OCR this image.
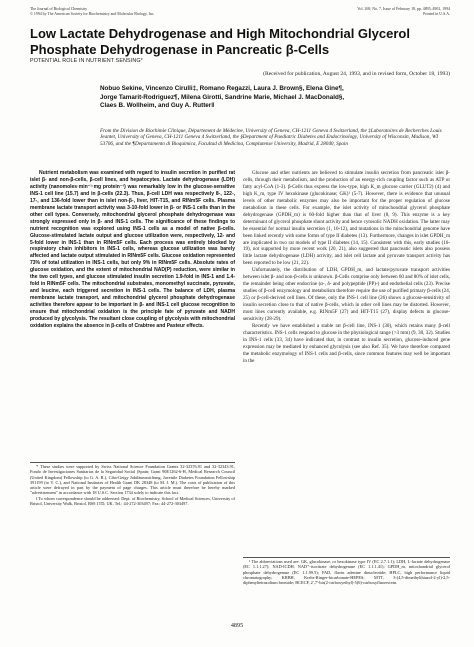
The Journal of Biological Chemistry
© 1994 by The American Society for Biochemistry and Molecular Biology, Inc.
Vol. 269, No. 7, Issue of February 18, pp. 4895–4902, 1994
Printed in U.S.A.
Low Lactate Dehydrogenase and High Mitochondrial Glycerol Phosphate Dehydrogenase in Pancreatic β-Cells
POTENTIAL ROLE IN NUTRIENT SENSING*
(Received for publication, August 24, 1993, and in revised form, October 18, 1993)
Nobuo Sekine, Vincenzo Cirulli‡, Romano Regazzi, Laura J. Brown§, Elena Gine¶,
Jorge Tamarit-Rodriguez¶, Milena Girotti, Sandrine Marie, Michael J. MacDonald§,
Claes B. Wollheim, and Guy A. Rutter‖
From the Division de Biochimie Clinique, Département de Médecine, University of Geneva, CH-1211 Geneva 4 Switzerland, the ‡Laboratoires de Recherches Louis Jeantet, University of Geneva, CH-1211 Geneva 4 Switzerland, the §Department of Paediatric Diabetes and Endocrinology, University of Wisconsin, Madison, WI 53706, and the ¶Departamento di Bioquimica, Facultad di Medicina, Complutense University, Madrid, E 28040, Spain

Nutrient metabolism was examined with regard to insulin secretion in purified rat islet β- and non-β-cells, β-cell lines, and hepatocytes. Lactate dehydrogenase (LDH) activity (nanomoles·min⁻¹·mg protein⁻¹) was remarkably low in the glucose-sensitive INS-1 cell line (15.7) and in β-cells (22.3). Thus, β-cell LDH was respectively 8-, 122-, 17-, and 136-fold lower than in islet non-β-, liver, HIT-T15, and RINm5F cells. Plasma membrane lactate transport activity was 3-10-fold lower in β- or INS-1 cells than in the other cell types. Conversely, mitochondrial glycerol phosphate dehydrogenase was strongly expressed only in β- and INS-1 cells. The significance of these findings to nutrient recognition was explored using INS-1 cells as a model of native β-cells. Glucose-stimulated lactate output and glucose utilization were, respectively, 12- and 5-fold lower in INS-1 than in RINm5F cells. Each process was entirely blocked by respiratory chain inhibitors in INS-1 cells, whereas glucose utilization was barely affected and lactate output stimulated in RINm5F cells. Glucose oxidation represented 73% of total utilization in INS-1 cells, but only 9% in RINm5F cells. Absolute rates of glucose oxidation, and the extent of mitochondrial NAD(P) reduction, were similar in the two cell types, and glucose stimulated insulin secretion 1.9-fold in INS-1 and 1.4-fold in RINm5F cells. The mitochondrial substrates, monomethyl succinate, pyruvate, and leucine, each triggered secretion in INS-1 cells. The balance of LDH, plasma membrane lactate transport, and mitochondrial glycerol phosphate dehydrogenase activities therefore appear to be important in β- and INS-1 cell glucose recognition to ensure that mitochondrial oxidation is the principle fate of pyruvate and NADH produced by glycolysis. The resultant close coupling of glycolysis with mitochondrial oxidation explains the absence in β-cells of Crabtree and Pasteur effects.

* These studies were supported by Swiss National Science Foundation Grants 32-32376.91 and 32-32343.91, Fondo de Investigaciones Sanitarias de la Seguridad Social (Spain; Grant 90E1262-6-H, Medical Research Council (United Kingdom) Fellowship (to G. A. R.), Ciba-Geigy Jubiläumsstiftung, Juvenile Diabetes Foundation Fellowship 391199 (to V. C.), and National Institutes of Health Grant DK 28348 (to M. J. M.). The costs of publication of this article were defrayed in part by the payment of page charges. This article must therefore be hereby marked "advertisement" in accordance with 18 U.S.C. Section 1734 solely to indicate this fact.

‖ To whom correspondence should be addressed: Dept. of Biochemistry, School of Medical Sciences, University of Bristol, University Walk, Bristol, BS8 1TD, UK. Tel.: 44-272-303497; Fax: 44-272-303497.

Glucose and other nutrients are believed to stimulate insulin secretion from pancreatic islet β-cells, through their metabolism, and the production of an energy-rich coupling factor such as ATP or fatty acyl-CoA (1-3). β-Cells thus express the low-type, high K_m glucose carrier (GLUT2) (4) and high K_m, type IV hexokinase (glucokinase; GK)¹ (5-7). However, there is evidence that unusual levels of other metabolic enzymes may also be important for the proper regulation of glucose metabolism in these cells. For example, the islet activity of mitochondrial glycerol phosphate dehydrogenase (GPDH_m) is 60-fold higher than that of liver (8, 9). This enzyme is a key determinant of glycerol phosphate shunt activity and hence cytosolic NADH oxidation. The latter may be essential for normal insulin secretion (1, 10-12), and mutations in the mitochondrial genome have been linked recently with some forms of type II diabetes (13). Furthermore, changes in islet GPDH_m are implicated in two rat models of type II diabetes (14, 15). Consistent with this, early studies (16-19), not supported by more recent work (20, 21), also suggested that pancreatic islets also possess little lactate dehydrogenase (LDH) activity, and islet cell lactate and pyruvate transport activity has been reported to be low (21, 22).

Unfortunately, the distribution of LDH, GPDH_m, and lactate/pyruvate transport activities between islet β- and non-β-cells is unknown. β-Cells comprise only between 60 and 80% of islet cells, the remainder being other endocrine (α-, δ- and polypeptide (PP)-) and endothelial cells (23). Precise studies of β-cell enzymology and metabolism therefore require the use of purified primary β-cells (24, 25) or β-cell-derived cell lines. Of these, only the INS-1 cell line (26) shows a glucose-sensitivity of insulin secretion close to that of native β-cells, which in other cell lines may be distorted. However, most lines currently available, e.g. RINm5F (27) and HIT-T15 (27), display defects in glucose-sensitivity (28-29).

Recently we have established a stable rat β-cell line, INS-1 (30), which retains many β-cell characteristics. INS-1 cells respond to glucose in the physiological range (>3 mm) (9, 30, 32). Studies in INS-1 cells (33, 34) have indicated that, in contrast to insulin secretion, glucose-induced gene expression may be mediated by enhanced glycolysis (see also Ref. 35). We have therefore compared the metabolic enzymology of INS-1 cells and β-cells, since common features may well be important in the

¹ The abbreviations used are: GK, glucokinase, or hexokinase type IV (EC 2.7.1.1); LDH, L-lactate dehydrogenase (EC 1.1.1.27); NAD-ICDH, NAD⁺-isocitrate dehydrogenase (EC 1.1.1.41); GPDH_m, mitochondrial glycerol phosphate dehydrogenase (EC 1.1.99.5); FAD, flavin adenine dinucleotide; HPLC, high performance liquid chromatography; KRBH, Krebs-Ringer-bicarbonate-HEPES; MTT, 3-(4,5-dimethylthiazol-2-yl)-2,5-diphenyltetrazolium bromide; BCECF, 2′,7′-bis(2-carboxyethyl)-5(6)-carboxyfluorescein.

4895
